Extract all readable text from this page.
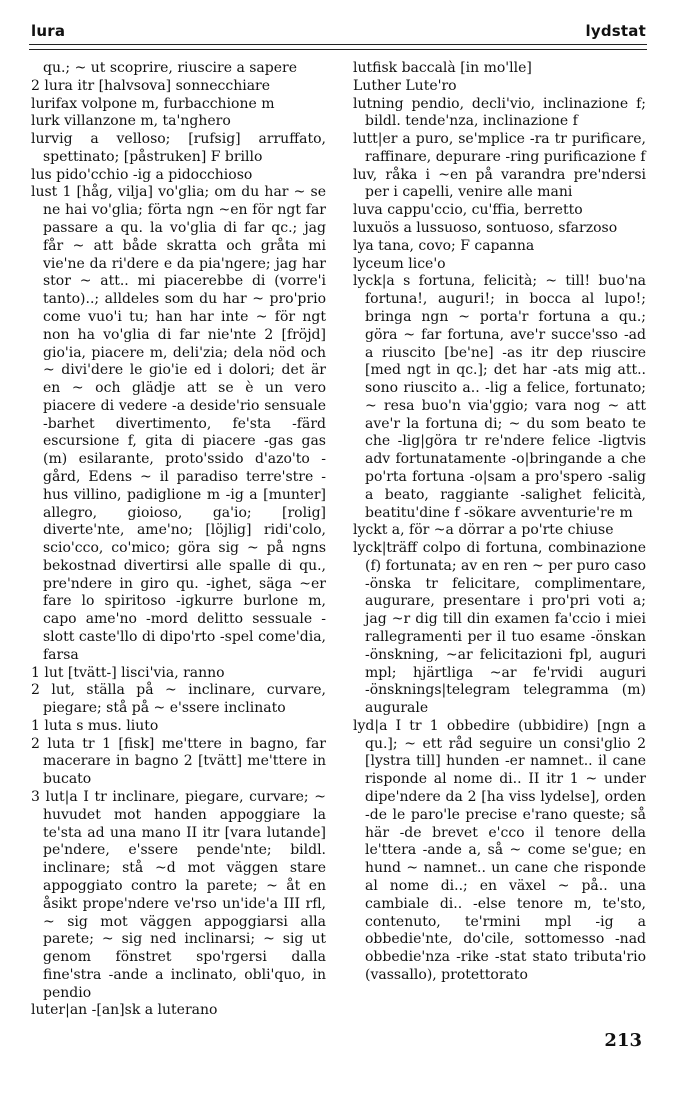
lura	lydstat

qu.; ~ ut scoprire, riuscire a sapere

2 lura itr [halvsova] sonnecchiare

lurifax volpone m, furbacchione m

lurk villanzone m, ta'nghero

lurvig a velloso; [rufsig] arruffato, spettinato; [påstruken] F brillo

lus pido'cchio -ig a pidocchioso

lust 1 [håg, vilja] vo'glia; om du har ~ se ne hai vo'glia; förta ngn ~en för ngt far passare a qu. la vo'glia di far qc.; jag får ~ att både skratta och gråta mi vie'ne da ri'dere e da pia'ngere; jag har stor ~ att.. mi piacerebbe di (vorre'i tanto)..; alldeles som du har ~ pro'prio come vuo'i tu; han har inte ~ för ngt non ha vo'glia di far nie'nte 2 [fröjd] gio'ia, piacere m, deli'zia; dela nöd och ~ divi'dere le gio'ie ed i dolori; det är en ~ och glädje att se è un vero piacere di vedere -a deside'rio sensuale -barhet divertimento, fe'sta -färd escursione f, gita di piacere -gas gas (m) esilarante, proto'ssido d'azo'to -gård, Edens ~ il paradiso terre'stre -hus villino, padiglione m -ig a [munter] allegro, gioioso, ga'io; [rolig] diverte'nte, ame'no; [löjlig] ridi'colo, scio'cco, co'mico; göra sig ~ på ngns bekostnad divertirsi alle spalle di qu., pre'ndere in giro qu. -ighet, säga ~er fare lo spiritoso -igkurre burlone m, capo ame'no -mord delitto sessuale -slott caste'llo di dipo'rto -spel come'dia, farsa

1 lut [tvätt-] lisci'via, ranno

2 lut, ställa på ~ inclinare, curvare, piegare; stå på ~ e'ssere inclinato

1 luta s mus. liuto

2 luta tr 1 [fisk] me'ttere in bagno, far macerare in bagno 2 [tvätt] me'ttere in bucato

3 lut|a I tr inclinare, piegare, curvare; ~ huvudet mot handen appoggiare la te'sta ad una mano II itr [vara lutande] pe'ndere, e'ssere pende'nte; bildl. inclinare; stå ~d mot väggen stare appoggiato contro la parete; ~ åt en åsikt prope'ndere ve'rso un'ide'a III rfl, ~ sig mot väggen appoggiarsi alla parete; ~ sig ned inclinarsi; ~ sig ut genom fönstret spo'rgersi dalla fine'stra -ande a inclinato, obli'quo, in pendio

luter|an -[an]sk a luterano

lutfisk baccalà [in mo'lle]

Luther Lute'ro

lutning pendio, decli'vio, inclinazione f; bildl. tende'nza, inclinazione f

lutt|er a puro, se'mplice -ra tr purificare, raffinare, depurare -ring purificazione f

luv, råka i ~en på varandra pre'ndersi per i capelli, venire alle mani

luva cappu'ccio, cu'ffia, berretto

luxuös a lussuoso, sontuoso, sfarzoso

lya tana, covo; F capanna

lyceum lice'o

lyck|a s fortuna, felicità; ~ till! buo'na fortuna!, auguri!; in bocca al lupo!; bringa ngn ~ porta'r fortuna a qu.; göra ~ far fortuna, ave'r succe'sso -ad a riuscito [be'ne] -as itr dep riuscire [med ngt in qc.]; det har -ats mig att.. sono riuscito a.. -lig a felice, fortunato; ~ resa buo'n via'ggio; vara nog ~ att ave'r la fortuna di; ~ du som beato te che -lig|göra tr re'ndere felice -ligtvis adv fortunatamente -o|bringande a che po'rta fortuna -o|sam a pro'spero -salig a beato, raggiante -salighet felicità, beatitu'dine f -sökare avventurie're m

lyckt a, för ~a dörrar a po'rte chiuse

lyck|träff colpo di fortuna, combinazione (f) fortunata; av en ren ~ per puro caso -önska tr felicitare, complimentare, augurare, presentare i pro'pri voti a; jag ~r dig till din examen fa'ccio i miei rallegramenti per il tuo esame -önskan -önskning, ~ar felicitazioni fpl, auguri mpl; hjärtliga ~ar fe'rvidi auguri -önsknings|telegram telegramma (m) augurale

lyd|a I tr 1 obbedire (ubbidire) [ngn a qu.]; ~ ett råd seguire un consi'glio 2 [lystra till] hunden -er namnet.. il cane risponde al nome di.. II itr 1 ~ under dipe'ndere da 2 [ha viss lydelse], orden -de le paro'le precise e'rano queste; så här -de brevet e'cco il tenore della le'ttera -ande a, så ~ come se'gue; en hund ~ namnet.. un cane che risponde al nome di..; en växel ~ på.. una cambiale di.. -else tenore m, te'sto, contenuto, te'rmini mpl -ig a obbedie'nte, do'cile, sottomesso -nad obbedie'nza -rike -stat stato tributa'rio (vassallo), protettorato

213
